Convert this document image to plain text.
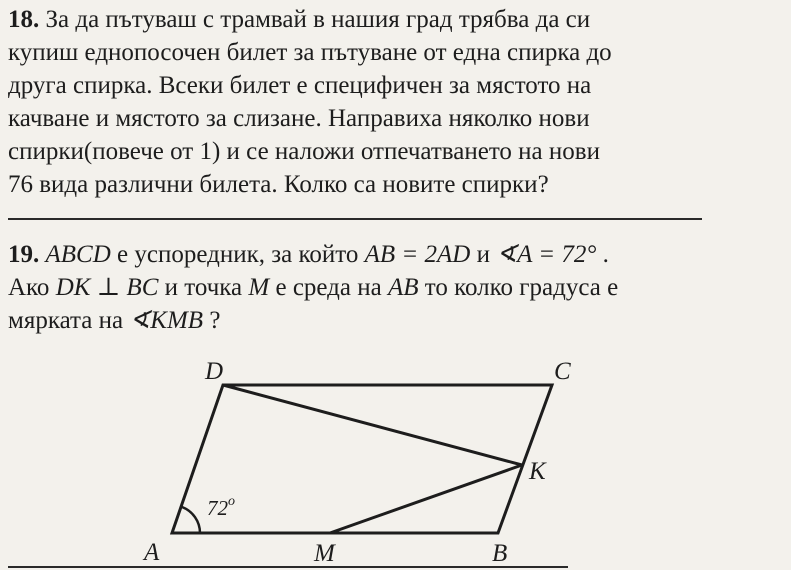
18. За да пътуваш с трамвай в нашия град трябва да си
купиш еднопосочен билет за пътуване от една спирка до
друга спирка. Всеки билет е специфичен за мястото на
качване и мястото за слизане. Направиха няколко нови
спирки(повече от 1) и се наложи отпечатването на нови
76 вида различни билета. Колко са новите спирки?
19. ABCD е успоредник, за който AB = 2AD и ∢A = 72° .
Ако DK ⊥ BC и точка M е среда на AB то колко градуса е
мярката на ∢KMB ?
A	B
C
D
K
M
72$^o$
